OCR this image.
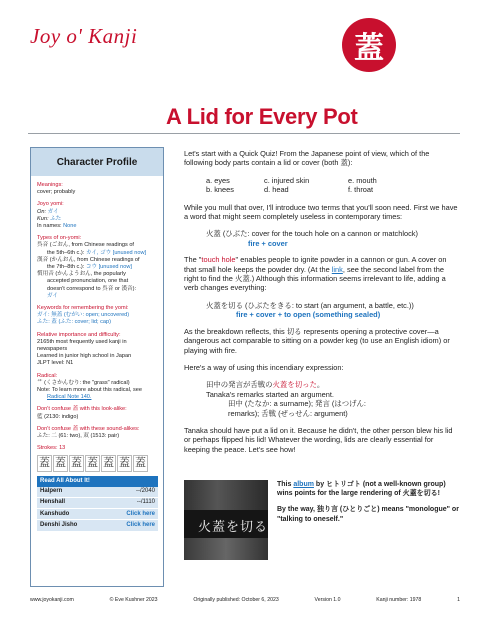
Joy o' Kanji	蓋
A Lid for Every Pot
Character Profile
Meanings:
cover; probably
Joyo yomi:
On: ガイ
Kun: ふた
In names: None
Types of on-yomi:
呉音 (ごおん, from Chinese readings of
the 5th–6th c.): カイ, ゴウ [unused now]
漢音 (かんおん, from Chinese readings of
the 7th–8th c.): コウ [unused now]
慣用音 (かんようおん, the popularly
accepted pronunciation, one that
doesn't correspond to 呉音 or 漢音):
ガイ
Keywords for remembering the yomi:
ガイ: 無蓋 (むがい: open; uncovered)
ふた: 蓋 (ふた: cover; lid; cap)
Relative importance and difficulty:
2165th most frequently used kanji in newspapers
Learned in junior high school in Japan
JLPT level: N1
Radical:
艹 (くさかんむり: the "grass" radical)
Note: To learn more about this radical, see
Radical Note 140.
Don't confuse 蓋 with this look-alike:
藍 (2130: indigo)
Don't confuse 蓋 with these sound-alikes:
ふた: 二 (61: two), 双 (1513: pair)
Strokes: 13
蓋 蓋 蓋 蓋 蓋 蓋 蓋
Read All About It!	
Halpern	--/2040
Henshall	--/1110
Kanshudo	Click here
Denshi Jisho	Click here

Let's start with a Quick Quiz! From the Japanese point of view, which of the following body parts contain a lid or cover (both 蓋):

a. eyes	c. injured skin	e. mouth
b. knees	d. head	f. throat

While you mull that over, I'll introduce two terms that you'll soon need. First we have a word that might seem completely useless in contemporary times:

火蓋 (ひぶた: cover for the touch hole on a cannon or matchlock)
fire + cover

The "touch hole" enables people to ignite powder in a cannon or gun. A cover on that small hole keeps the powder dry. (At the link, see the second label from the right to find the 火蓋.) Although this information seems irrelevant to life, adding a verb changes everything:

火蓋を切る (ひぶたをきる: to start (an argument, a battle, etc.))
fire + cover + to open (something sealed)

As the breakdown reflects, this 切る represents opening a protective cover—a dangerous act comparable to sitting on a powder keg (to use an English idiom) or playing with fire.

Here's a way of using this incendiary expression:

田中の発言が舌戦の火蓋を切った。
Tanaka's remarks started an argument.
田中 (たなか: a surname); 発言 (はつげん:
remarks); 舌戦 (ぜっせん: argument)

Tanaka should have put a lid on it. Because he didn't, the other person blew his lid or perhaps flipped his lid! Whatever the wording, lids are clearly essential for keeping the peace. Let's see how!

火蓋を切る

This album by ヒトリゴト (not a well-known group) wins points for the large rendering of 火蓋を切る!

By the way, 独り言 (ひとりごと) means "monologue" or "talking to oneself."

www.joyokanji.com	© Eve Kushner 2023	Originally published: October 6, 2023	Version 1.0	Kanji number: 1978	1
